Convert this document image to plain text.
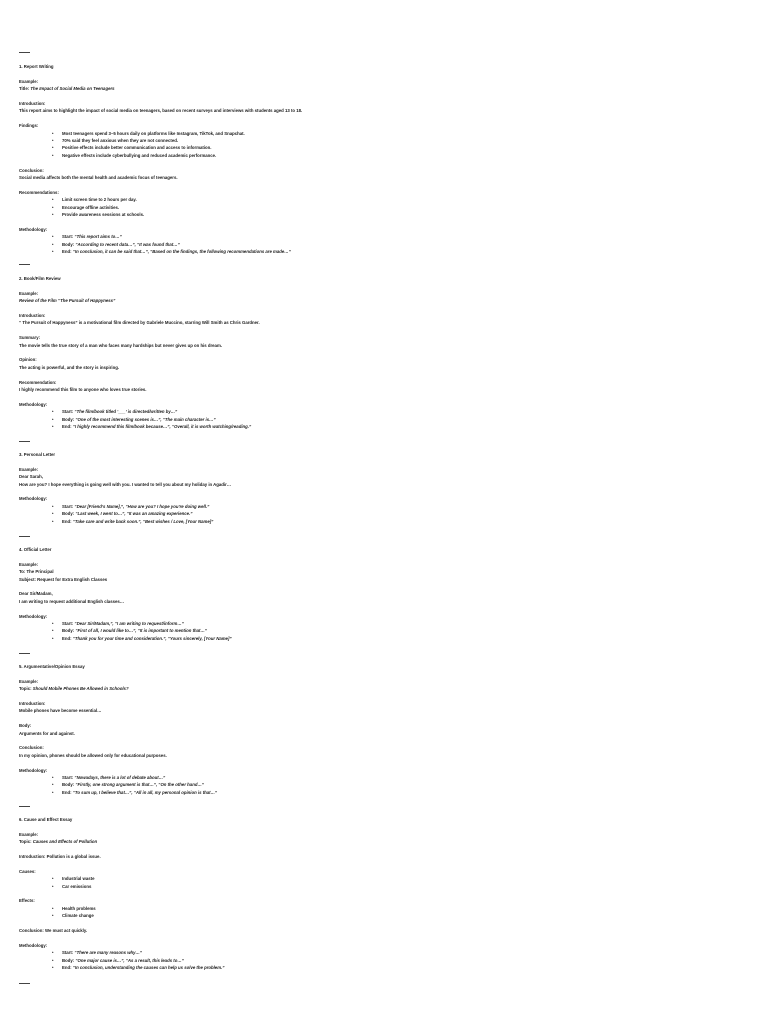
1. Report Writing

Example:

Title: The Impact of Social Media on Teenagers

Introduction:

This report aims to highlight the impact of social media on teenagers, based on recent surveys and interviews with students aged 13 to 18.

Findings:

• Most teenagers spend 3–5 hours daily on platforms like Instagram, TikTok, and Snapchat.
• 70% said they feel anxious when they are not connected.
• Positive effects include better communication and access to information.
• Negative effects include cyberbullying and reduced academic performance.

Conclusion:

Social media affects both the mental health and academic focus of teenagers.

Recommendations:

• Limit screen time to 2 hours per day.
• Encourage offline activities.
• Provide awareness sessions at schools.

Methodology:

• Start: “This report aims to…”
• Body: “According to recent data…”, “It was found that…”
• End: “In conclusion, it can be said that…”, “Based on the findings, the following recommendations are made…”

2. Book/Film Review

Example:

Review of the Film “The Pursuit of Happyness”

Introduction:

“ The Pursuit of Happyness” is a motivational film directed by Gabriele Muccino, starring Will Smith as Chris Gardner.

Summary:

The movie tells the true story of a man who faces many hardships but never gives up on his dream.

Opinion:

The acting is powerful, and the story is inspiring.

Recommendation:

I highly recommend this film to anyone who loves true stories.

Methodology:

• Start: “The film/book titled ‘___’ is directed/written by…”
• Body: “One of the most interesting scenes is…”, “The main character is…”
• End: “I highly recommend this film/book because…”, “Overall, it is worth watching/reading.”

3. Personal Letter

Example:

Dear Sarah,

How are you? I hope everything is going well with you. I wanted to tell you about my holiday in Agadir…

Methodology:

• Start: “Dear [Friend’s Name],”, “How are you? I hope you’re doing well.”
• Body: “Last week, I went to…”, “It was an amazing experience.”
• End: “Take care and write back soon.”, “Best wishes / Love, [Your Name]”

4. Official Letter

Example:

To: The Principal

Subject: Request for Extra English Classes

Dear Sir/Madam,

I am writing to request additional English classes…

Methodology:

• Start: “Dear Sir/Madam,”, “I am writing to request/inform…”
• Body: “First of all, I would like to…”, “It is important to mention that…”
• End: “Thank you for your time and consideration.”, “Yours sincerely, [Your Name]”

5. Argumentative/Opinion Essay

Example:

Topic: Should Mobile Phones Be Allowed in Schools?

Introduction:

Mobile phones have become essential…

Body:

Arguments for and against.

Conclusion:

In my opinion, phones should be allowed only for educational purposes.

Methodology:

• Start: “Nowadays, there is a lot of debate about…”
• Body: “Firstly, one strong argument is that…”, “On the other hand…”
• End: “To sum up, I believe that…”, “All in all, my personal opinion is that…”

6. Cause and Effect Essay

Example:

Topic: Causes and Effects of Pollution

Introduction: Pollution is a global issue.

Causes:

• Industrial waste
• Car emissions

Effects:

• Health problems
• Climate change

Conclusion: We must act quickly.

Methodology:

• Start: “There are many reasons why…”
• Body: “One major cause is…”, “As a result, this leads to…”
• End: “In conclusion, understanding the causes can help us solve the problem.”
